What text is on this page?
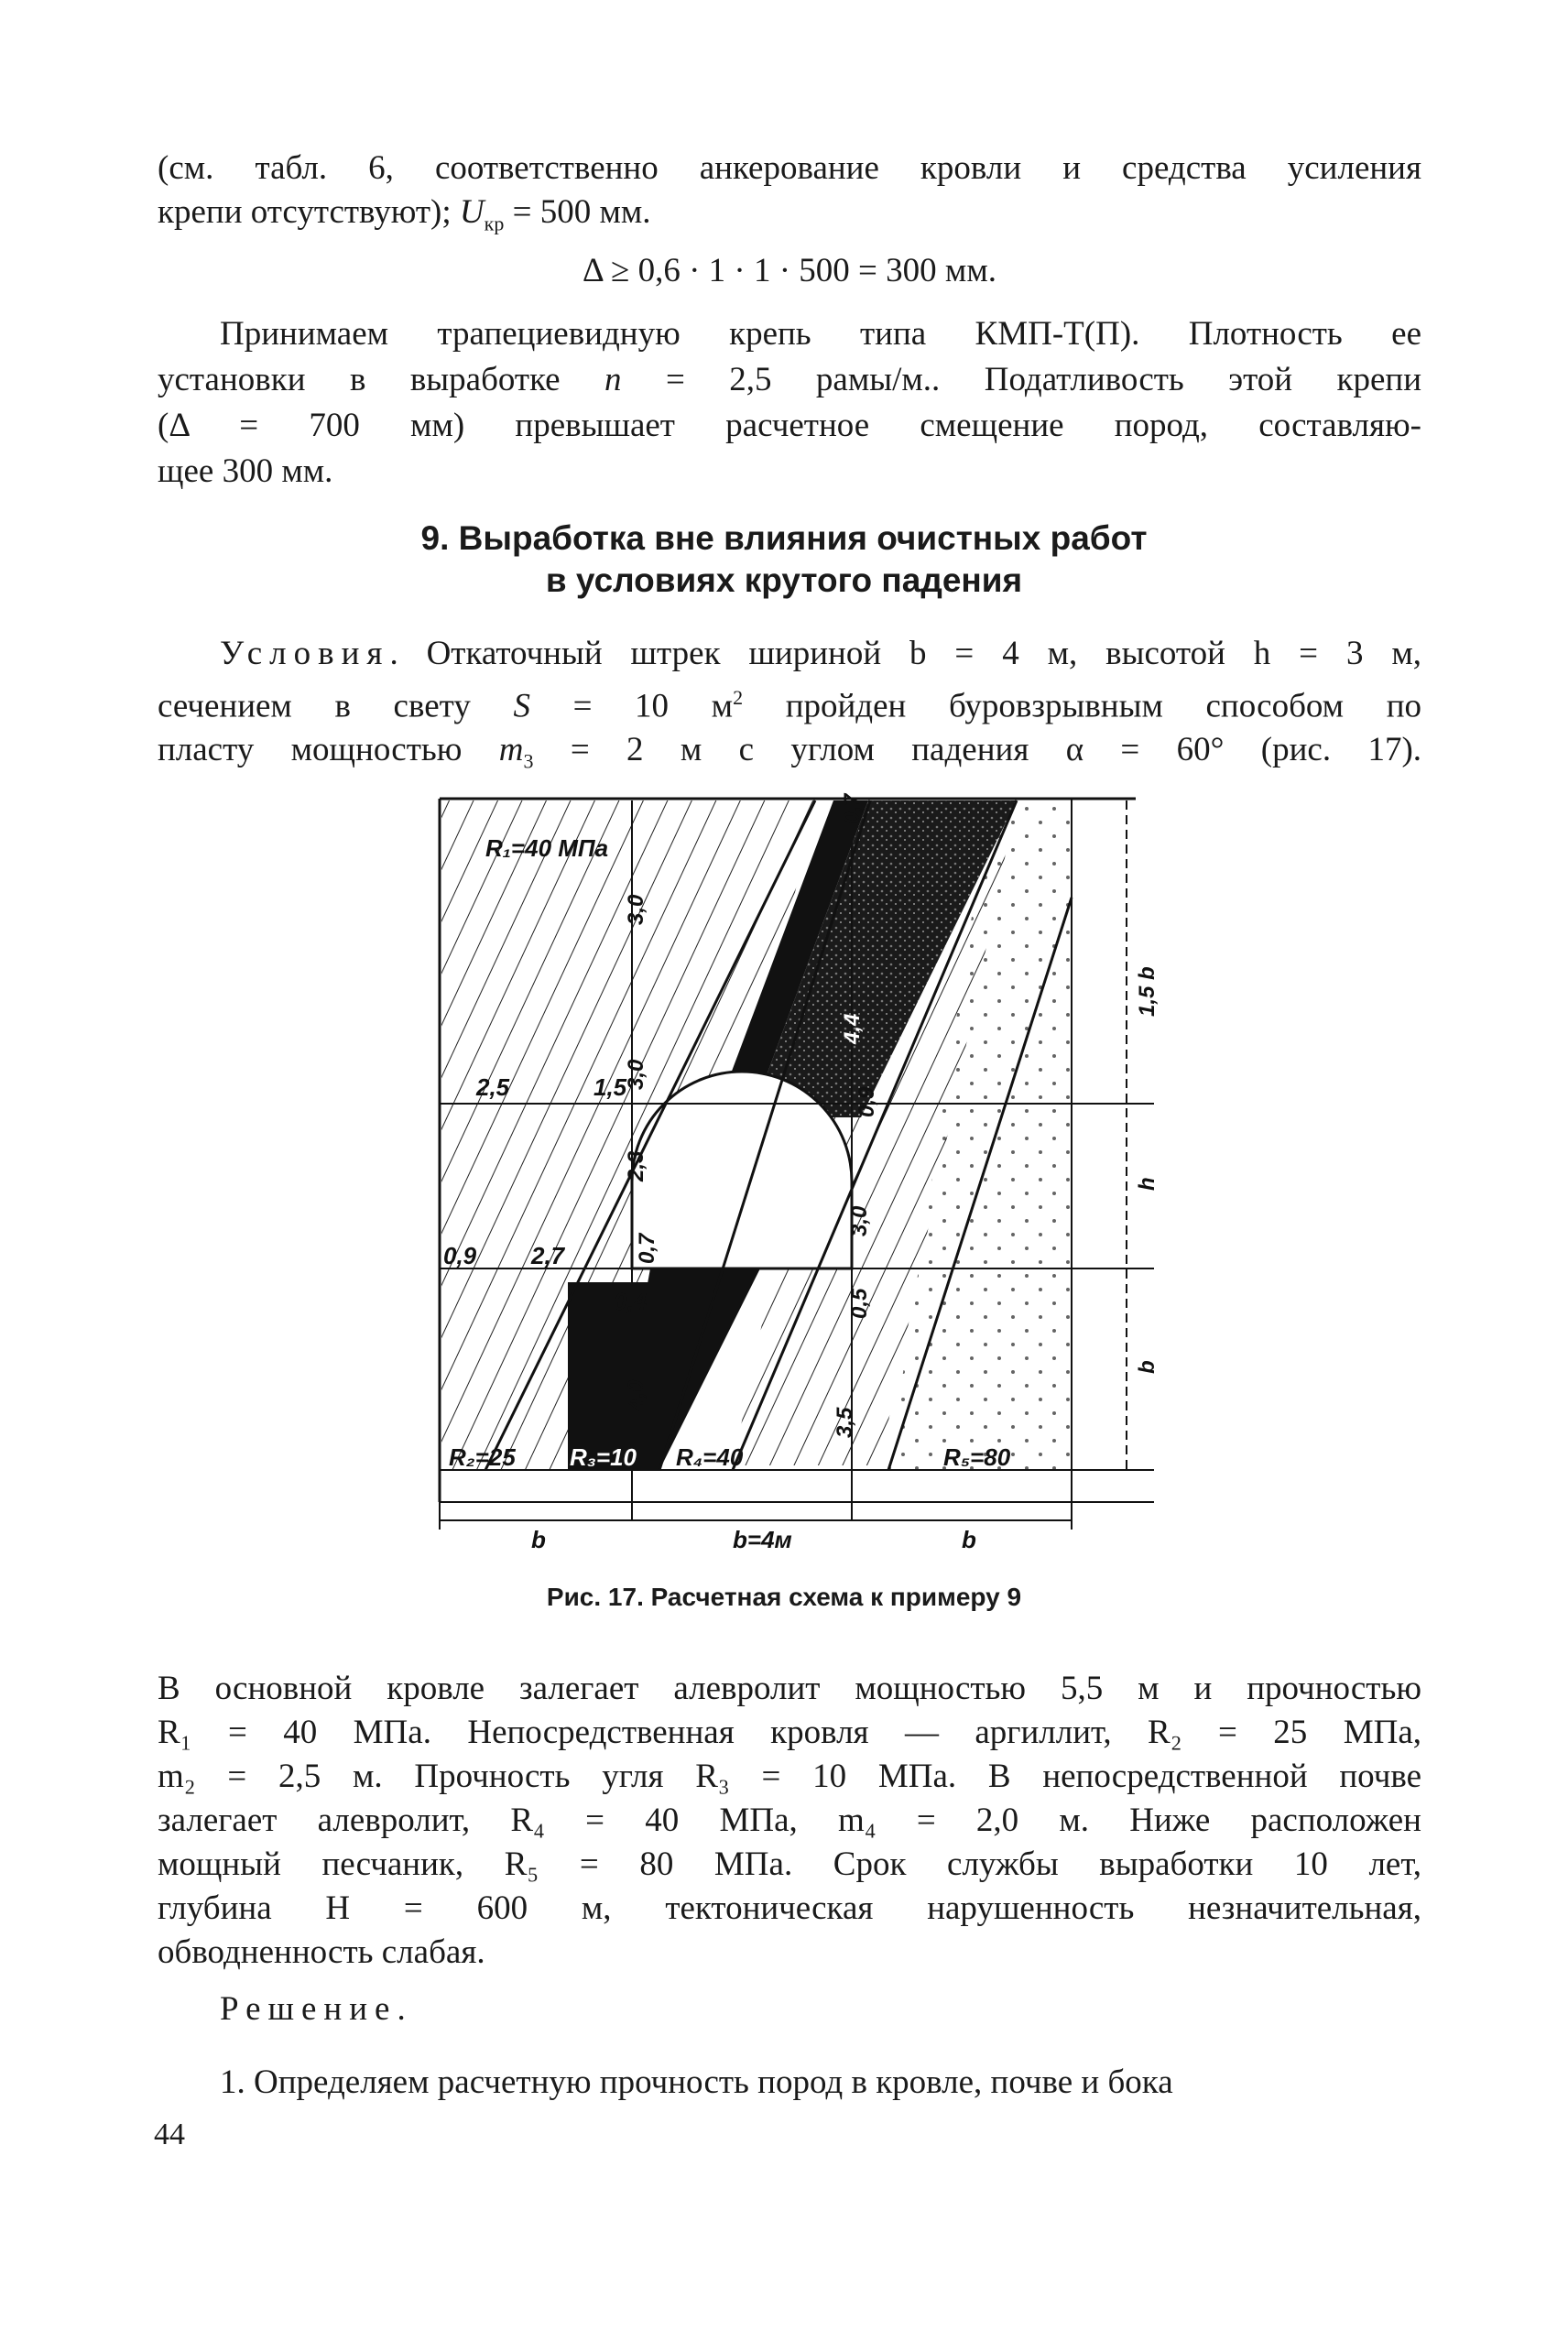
(см. табл. 6, соответственно анкерование кровли и средства усиления
крепи отсутствуют); $U_{кр} = 500$ мм.
Δ ≥ 0,6 · 1 · 1 · 500 = 300 мм.
Принимаем трапециевидную крепь типа КМП-Т(П). Плотность ее
установки в выработке n = 2,5 рамы/м.. Податливость этой крепи
(Δ = 700 мм) превышает расчетное смещение пород, составляю-
щее 300 мм.
9. Выработка вне влияния очистных работ
в условиях крутого падения
Условия. Откаточный штрек шириной b = 4 м, высотой h = 3 м,
сечением в свету S = 10 $м^2$ пройден буровзрывным способом по
пласту мощностью $m_3 = 2$ м с углом падения α = 60° (рис. 17).
R₁=40 МПа
R₂=25 R₃=10 R₄=40	R₅=80
2,5	1,5
0,9 2,7
0,4
b=4м
b	b
0,7
3,0
3,0
4,4
1,5 b
0,9
2,3
0,7
3,0
h
0,5
4,0
3,5
b
Рис. 17. Расчетная схема к примеру 9
В основной кровле залегает алевролит мощностью 5,5 м и прочностью
R₁ = 40 МПа. Непосредственная кровля — аргиллит, R₂ = 25 МПа,
m₂ = 2,5 м. Прочность угля R₃ = 10 МПа. В непосредственной почве
залегает алевролит, R₄ = 40 МПа, m₄ = 2,0 м. Ниже расположен
мощный песчаник, R₅ = 80 МПа. Срок службы выработки 10 лет,
глубина H = 600 м, тектоническая нарушенность незначительная,
обводненность слабая.
Решение.
1. Определяем расчетную прочность пород в кровле, почве и бока
44
